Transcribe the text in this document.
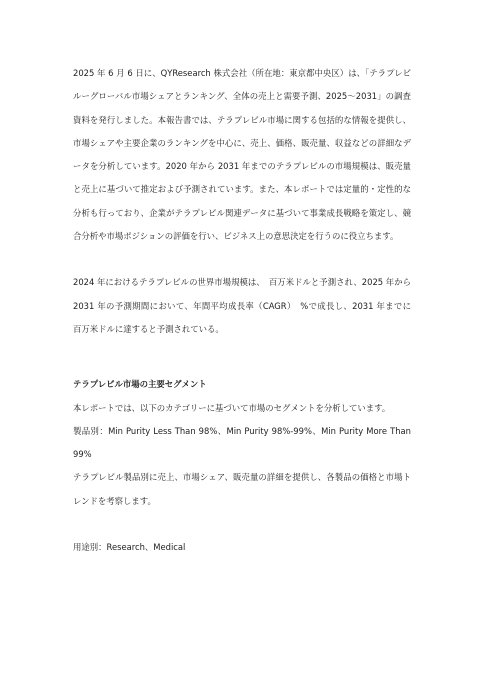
2025 年 6 月 6 日に、QYResearch 株式会社（所在地：東京都中央区）は、「テラプレビルーグローバル市場シェアとランキング、全体の売上と需要予測、2025～2031」の調査資料を発行しました。本報告書では、テラプレビル市場に関する包括的な情報を提供し、市場シェアや主要企業のランキングを中心に、売上、価格、販売量、収益などの詳細なデータを分析しています。2020 年から 2031 年までのテラプレビルの市場規模は、販売量と売上に基づいて推定および予測されています。また、本レポートでは定量的・定性的な分析も行っており、企業がテラプレビル関連データに基づいて事業成長戦略を策定し、競合分析や市場ポジションの評価を行い、ビジネス上の意思決定を行うのに役立ちます。

2024 年におけるテラプレビルの世界市場規模は、　百万米ドルと予測され、2025 年から 2031 年の予測期間において、年間平均成長率（CAGR）　%で成長し、2031 年までに　百万米ドルに達すると予測されている。

テラプレビル市場の主要セグメント

本レポートでは、以下のカテゴリーに基づいて市場のセグメントを分析しています。

製品別：Min Purity Less Than 98%、Min Purity 98%-99%、Min Purity More Than 99%

テラプレビル製品別に売上、市場シェア、販売量の詳細を提供し、各製品の価格と市場トレンドを考察します。

用途別：Research、Medical
